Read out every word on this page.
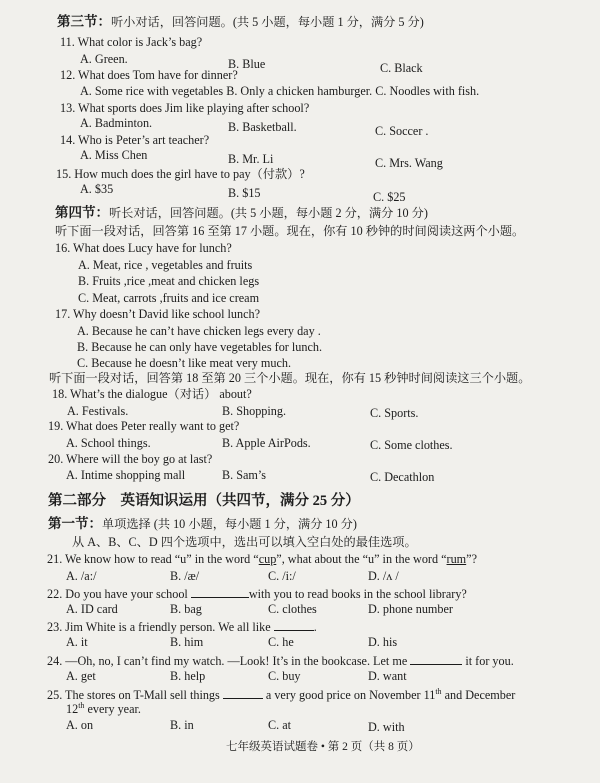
第三节：听小对话，回答问题。(共 5 小题，每小题 1 分，满分 5 分)
11. What color is Jack’s bag?
A. Green.	B. Blue	C. Black
12. What does Tom have for dinner?
A. Some rice with vegetables B. Only a chicken hamburger. C. Noodles with fish.
13. What sports does Jim like playing after school?
A. Badminton.	B. Basketball.	C. Soccer .
14. Who is Peter’s art teacher?
A. Miss Chen	B. Mr. Li	C. Mrs. Wang
15. How much does the girl have to pay（付款）?
A. $35	B. $15	C. $25
第四节：听长对话，回答问题。(共 5 小题，每小题 2 分，满分 10 分)
听下面一段对话，回答第 16 至第 17 小题。现在，你有 10 秒钟的时间阅读这两个小题。
16. What does Lucy have for lunch?
A. Meat, rice , vegetables and fruits
B. Fruits ,rice ,meat and chicken legs
C. Meat, carrots ,fruits and ice cream
17. Why doesn’t David like school lunch?
A. Because he can’t have chicken legs every day .
B. Because he can only have vegetables for lunch.
C. Because he doesn’t like meat very much.
听下面一段对话，回答第 18 至第 20 三个小题。现在，你有 15 秒钟时间阅读这三个小题。
18. What’s the dialogue（对话） about?
A. Festivals.	B. Shopping.	C. Sports.
19. What does Peter really want to get?
A. School things.	B. Apple AirPods.	C. Some clothes.
20. Where will the boy go at last?
A. Intime shopping mall	B. Sam’s	C. Decathlon
第二部分　英语知识运用（共四节，满分 25 分）
第一节：单项选择 (共 10 小题，每小题 1 分，满分 10 分)
从 A、B、C、D 四个选项中，选出可以填入空白处的最佳选项。
21. We know how to read “u” in the word “cup”, what about the “u” in the word “rum”?
A. /a:/	B. /æ/	C. /i:/	D. /ʌ /
22. Do you have your school	with you to read books in the school library?
A. ID card	B. bag	C. clothes	D. phone number
23. Jim White is a friendly person. We all like	.
A. it	B. him	C. he	D. his
24. —Oh, no, I can’t find my watch. —Look! It’s in the bookcase. Let me	it for you.
A. get	B. help	C. buy	D. want
25. The stores on T-Mall sell things	a very good price on November 11th and December
12th every year.
A. on	B. in	C. at	D. with
七年级英语试题卷 • 第 2 页（共 8 页）
